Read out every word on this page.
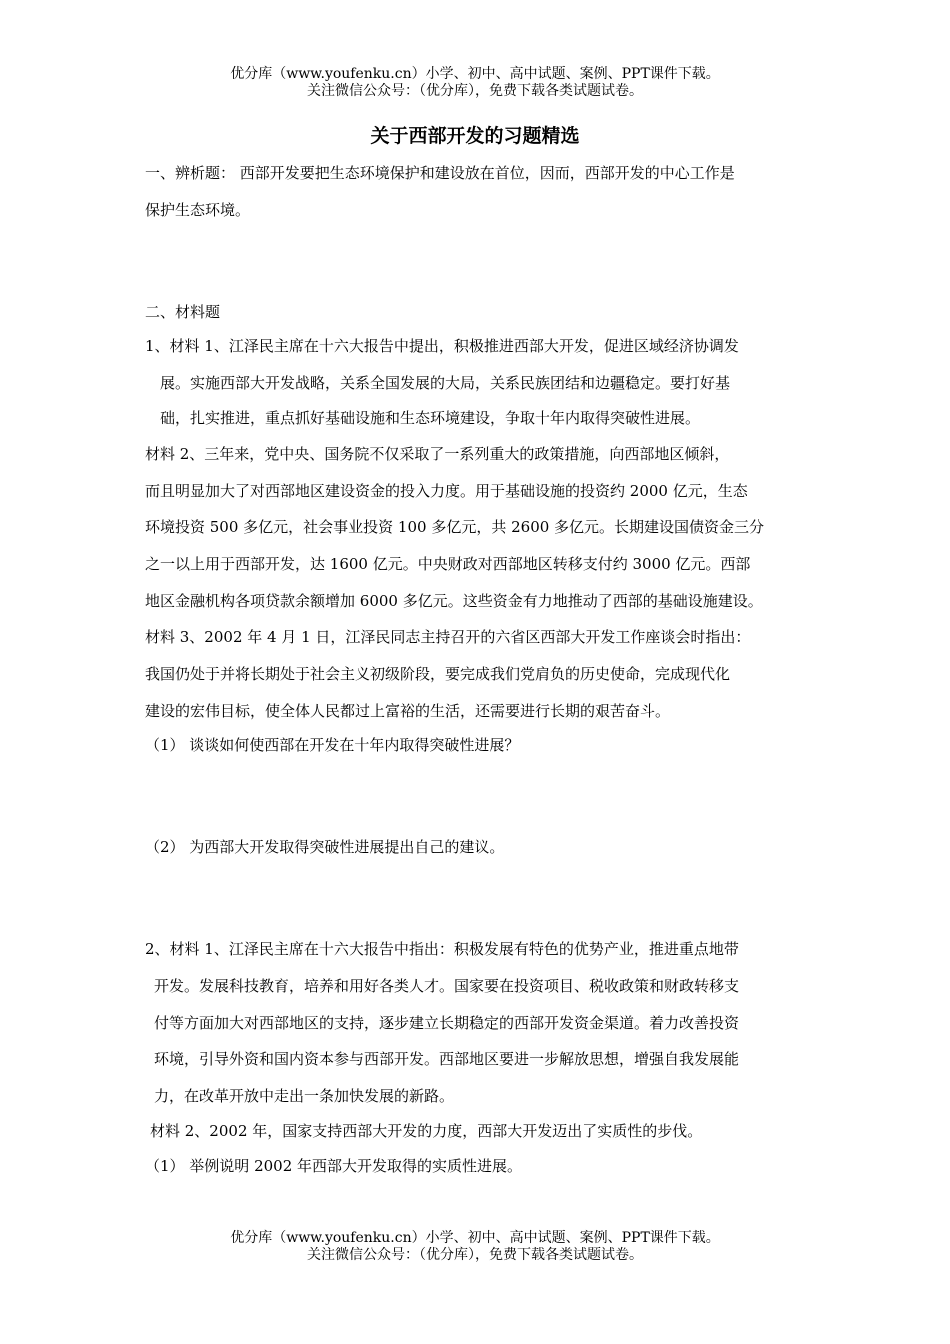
优分库（www.youfenku.cn）小学、初中、高中试题、案例、PPT课件下载。
关注微信公众号：（优分库），免费下载各类试题试卷。
关于西部开发的习题精选
一、辨析题： 西部开发要把生态环境保护和建设放在首位，因而，西部开发的中心工作是
保护生态环境。
二、材料题
1、材料 1、江泽民主席在十六大报告中提出，积极推进西部大开发，促进区域经济协调发
展。实施西部大开发战略，关系全国发展的大局，关系民族团结和边疆稳定。要打好基
础，扎实推进，重点抓好基础设施和生态环境建设，争取十年内取得突破性进展。
材料 2、三年来，党中央、国务院不仅采取了一系列重大的政策措施，向西部地区倾斜，
而且明显加大了对西部地区建设资金的投入力度。用于基础设施的投资约 2000 亿元，生态
环境投资 500 多亿元，社会事业投资 100 多亿元，共 2600 多亿元。长期建设国债资金三分
之一以上用于西部开发，达 1600 亿元。中央财政对西部地区转移支付约 3000 亿元。西部
地区金融机构各项贷款余额增加 6000 多亿元。这些资金有力地推动了西部的基础设施建设。
材料 3、2002 年 4 月 1 日，江泽民同志主持召开的六省区西部大开发工作座谈会时指出：
我国仍处于并将长期处于社会主义初级阶段，要完成我们党肩负的历史使命，完成现代化
建设的宏伟目标，使全体人民都过上富裕的生活，还需要进行长期的艰苦奋斗。
（1） 谈谈如何使西部在开发在十年内取得突破性进展？
（2） 为西部大开发取得突破性进展提出自己的建议。
2、材料 1、江泽民主席在十六大报告中指出：积极发展有特色的优势产业，推进重点地带
开发。发展科技教育，培养和用好各类人才。国家要在投资项目、税收政策和财政转移支
付等方面加大对西部地区的支持，逐步建立长期稳定的西部开发资金渠道。着力改善投资
环境，引导外资和国内资本参与西部开发。西部地区要进一步解放思想，增强自我发展能
力，在改革开放中走出一条加快发展的新路。
材料 2、2002 年，国家支持西部大开发的力度，西部大开发迈出了实质性的步伐。
（1） 举例说明 2002 年西部大开发取得的实质性进展。
优分库（www.youfenku.cn）小学、初中、高中试题、案例、PPT课件下载。
关注微信公众号：（优分库），免费下载各类试题试卷。
